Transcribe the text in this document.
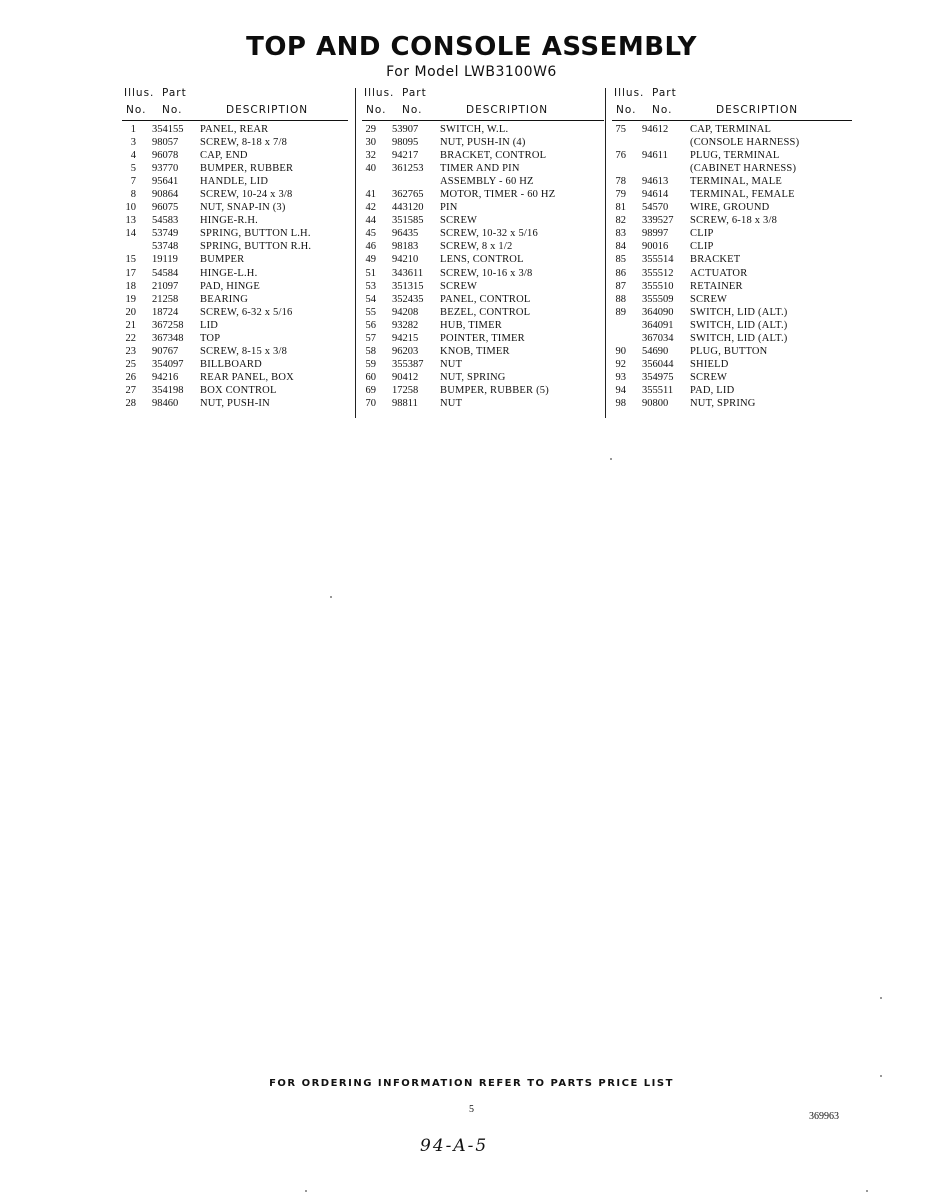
TOP AND CONSOLE ASSEMBLY
For Model LWB3100W6
Illus. Part
No. No.	DESCRIPTION
1 354155 PANEL, REAR
3 98057 SCREW, 8-18 x 7/8
4 96078 CAP, END
5 93770 BUMPER, RUBBER
7 95641 HANDLE, LID
8 90864 SCREW, 10-24 x 3/8
10 96075 NUT, SNAP-IN (3)
13 54583 HINGE-R.H.
14 53749 SPRING, BUTTON L.H.
53748 SPRING, BUTTON R.H.
15 19119 BUMPER
17 54584 HINGE-L.H.
18 21097 PAD, HINGE
19 21258 BEARING
20 18724 SCREW, 6-32 x 5/16
21 367258 LID
22 367348 TOP
23 90767 SCREW, 8-15 x 3/8
25 354097 BILLBOARD
26 94216 REAR PANEL, BOX
27 354198 BOX CONTROL
28 98460 NUT, PUSH-IN
Illus. Part
No. No.	DESCRIPTION
29 53907 SWITCH, W.L.
30 98095 NUT, PUSH-IN (4)
32 94217 BRACKET, CONTROL
40 361253 TIMER AND PIN
ASSEMBLY - 60 HZ
41 362765 MOTOR, TIMER - 60 HZ
42 443120 PIN
44 351585 SCREW
45 96435 SCREW, 10-32 x 5/16
46 98183 SCREW, 8 x 1/2
49 94210 LENS, CONTROL
51 343611 SCREW, 10-16 x 3/8
53 351315 SCREW
54 352435 PANEL, CONTROL
55 94208 BEZEL, CONTROL
56 93282 HUB, TIMER
57 94215 POINTER, TIMER
58 96203 KNOB, TIMER
59 355387 NUT
60 90412 NUT, SPRING
69 17258 BUMPER, RUBBER (5)
70 98811 NUT
Illus. Part
No. No.	DESCRIPTION
75 94612 CAP, TERMINAL
(CONSOLE HARNESS)
76 94611 PLUG, TERMINAL
(CABINET HARNESS)
78 94613 TERMINAL, MALE
79 94614 TERMINAL, FEMALE
81 54570 WIRE, GROUND
82 339527 SCREW, 6-18 x 3/8
83 98997 CLIP
84 90016 CLIP
85 355514 BRACKET
86 355512 ACTUATOR
87 355510 RETAINER
88 355509 SCREW
89 364090 SWITCH, LID (ALT.)
364091 SWITCH, LID (ALT.)
367034 SWITCH, LID (ALT.)
90 54690 PLUG, BUTTON
92 356044 SHIELD
93 354975 SCREW
94 355511 PAD, LID
98 90800 NUT, SPRING
FOR ORDERING INFORMATION REFER TO PARTS PRICE LIST
5
369963
94-A-5
